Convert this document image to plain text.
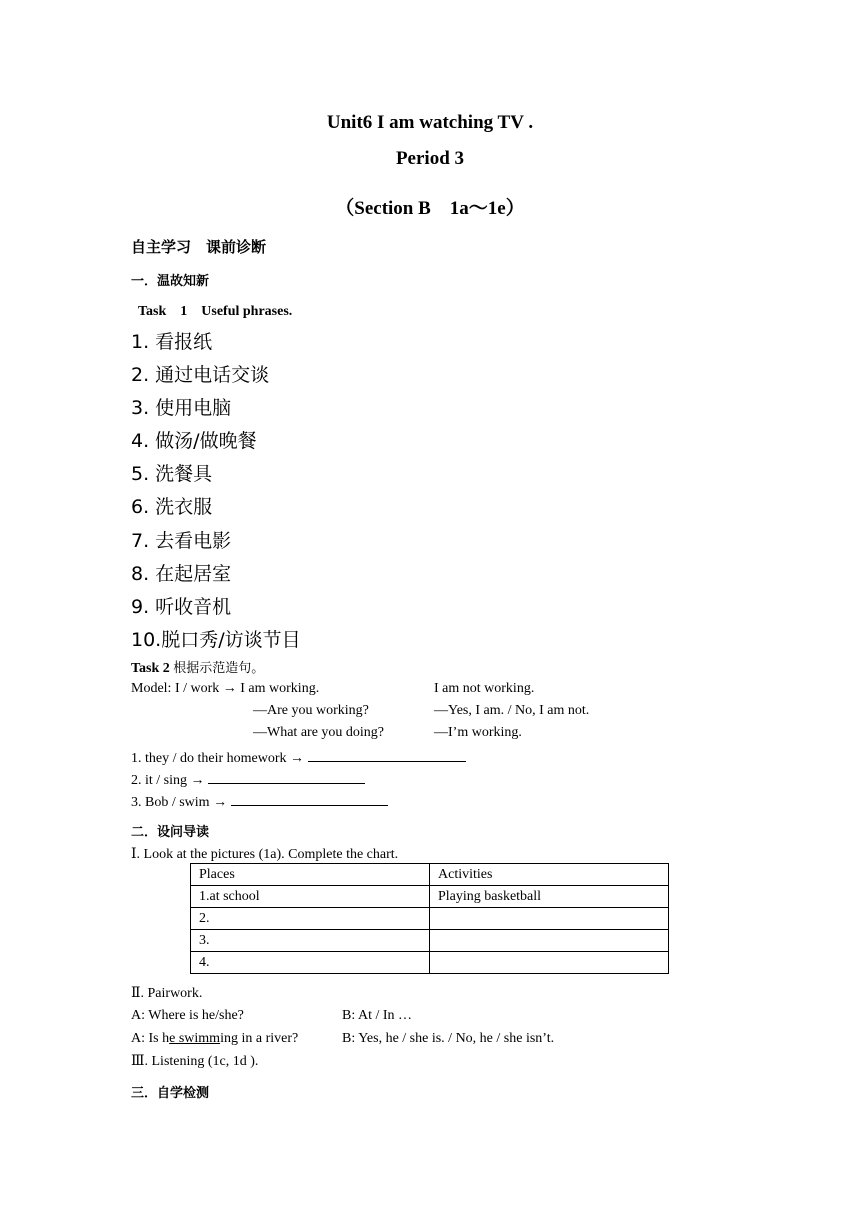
Unit6 I am watching TV .
Period 3
（Section B　1a～1e）
自主学习　课前诊断
一．温故知新
Task　1　Useful phrases.
1. 看报纸
2. 通过电话交谈
3. 使用电脑
4. 做汤/做晚餐
5. 洗餐具
6. 洗衣服
7. 去看电影
8. 在起居室
9. 听收音机
10.脱口秀/访谈节目
Task 2 根据示范造句。
Model: I / work → I am working.	I am not working.
—Are you working?	—Yes, I am. / No, I am not.
—What are you doing?	—I’m working.
1. they / do their homework →
2. it / sing →
3. Bob / swim →
二．设问导读
Ⅰ. Look at the pictures (1a). Complete the chart.
Places	Activities
1.at school	Playing basketball
2.	
3.	
4.	
Ⅱ. Pairwork.
A: Where is he/she?	B: At / In …
A: Is he swimming in a river?	B: Yes, he / she is. / No, he / she isn’t.
Ⅲ. Listening (1c, 1d ).
三．自学检测
